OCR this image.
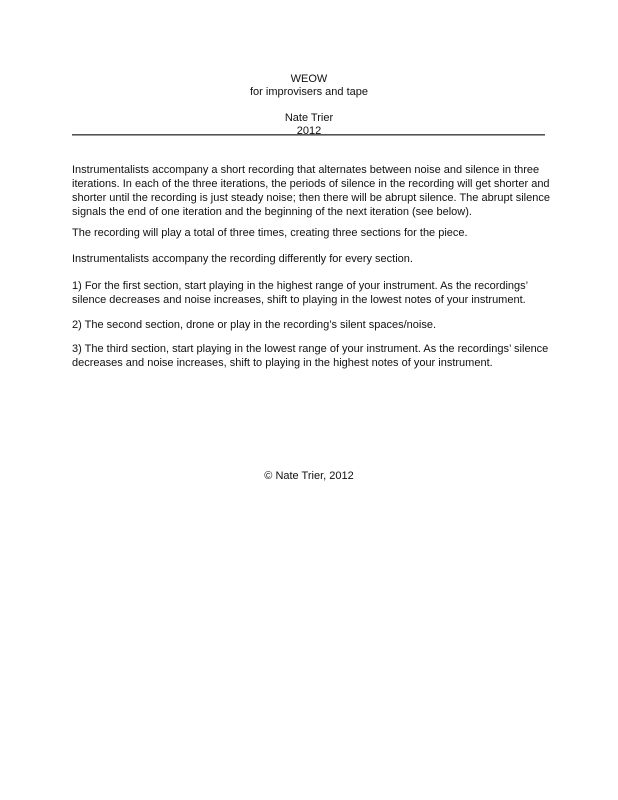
WEOW
for improvisers and tape
Nate Trier
2012

Instrumentalists accompany a short recording that alternates between noise and silence in three iterations. In each of the three iterations, the periods of silence in the recording will get shorter and shorter until the recording is just steady noise; then there will be abrupt silence. The abrupt silence signals the end of one iteration and the beginning of the next iteration (see below).

The recording will play a total of three times, creating three sections for the piece.

Instrumentalists accompany the recording differently for every section.

1) For the first section, start playing in the highest range of your instrument. As the recordings’ silence decreases and noise increases, shift to playing in the lowest notes of your instrument.

2) The second section, drone or play in the recording’s silent spaces/noise.

3) The third section, start playing in the lowest range of your instrument. As the recordings’ silence decreases and noise increases, shift to playing in the highest notes of your instrument.

© Nate Trier, 2012
